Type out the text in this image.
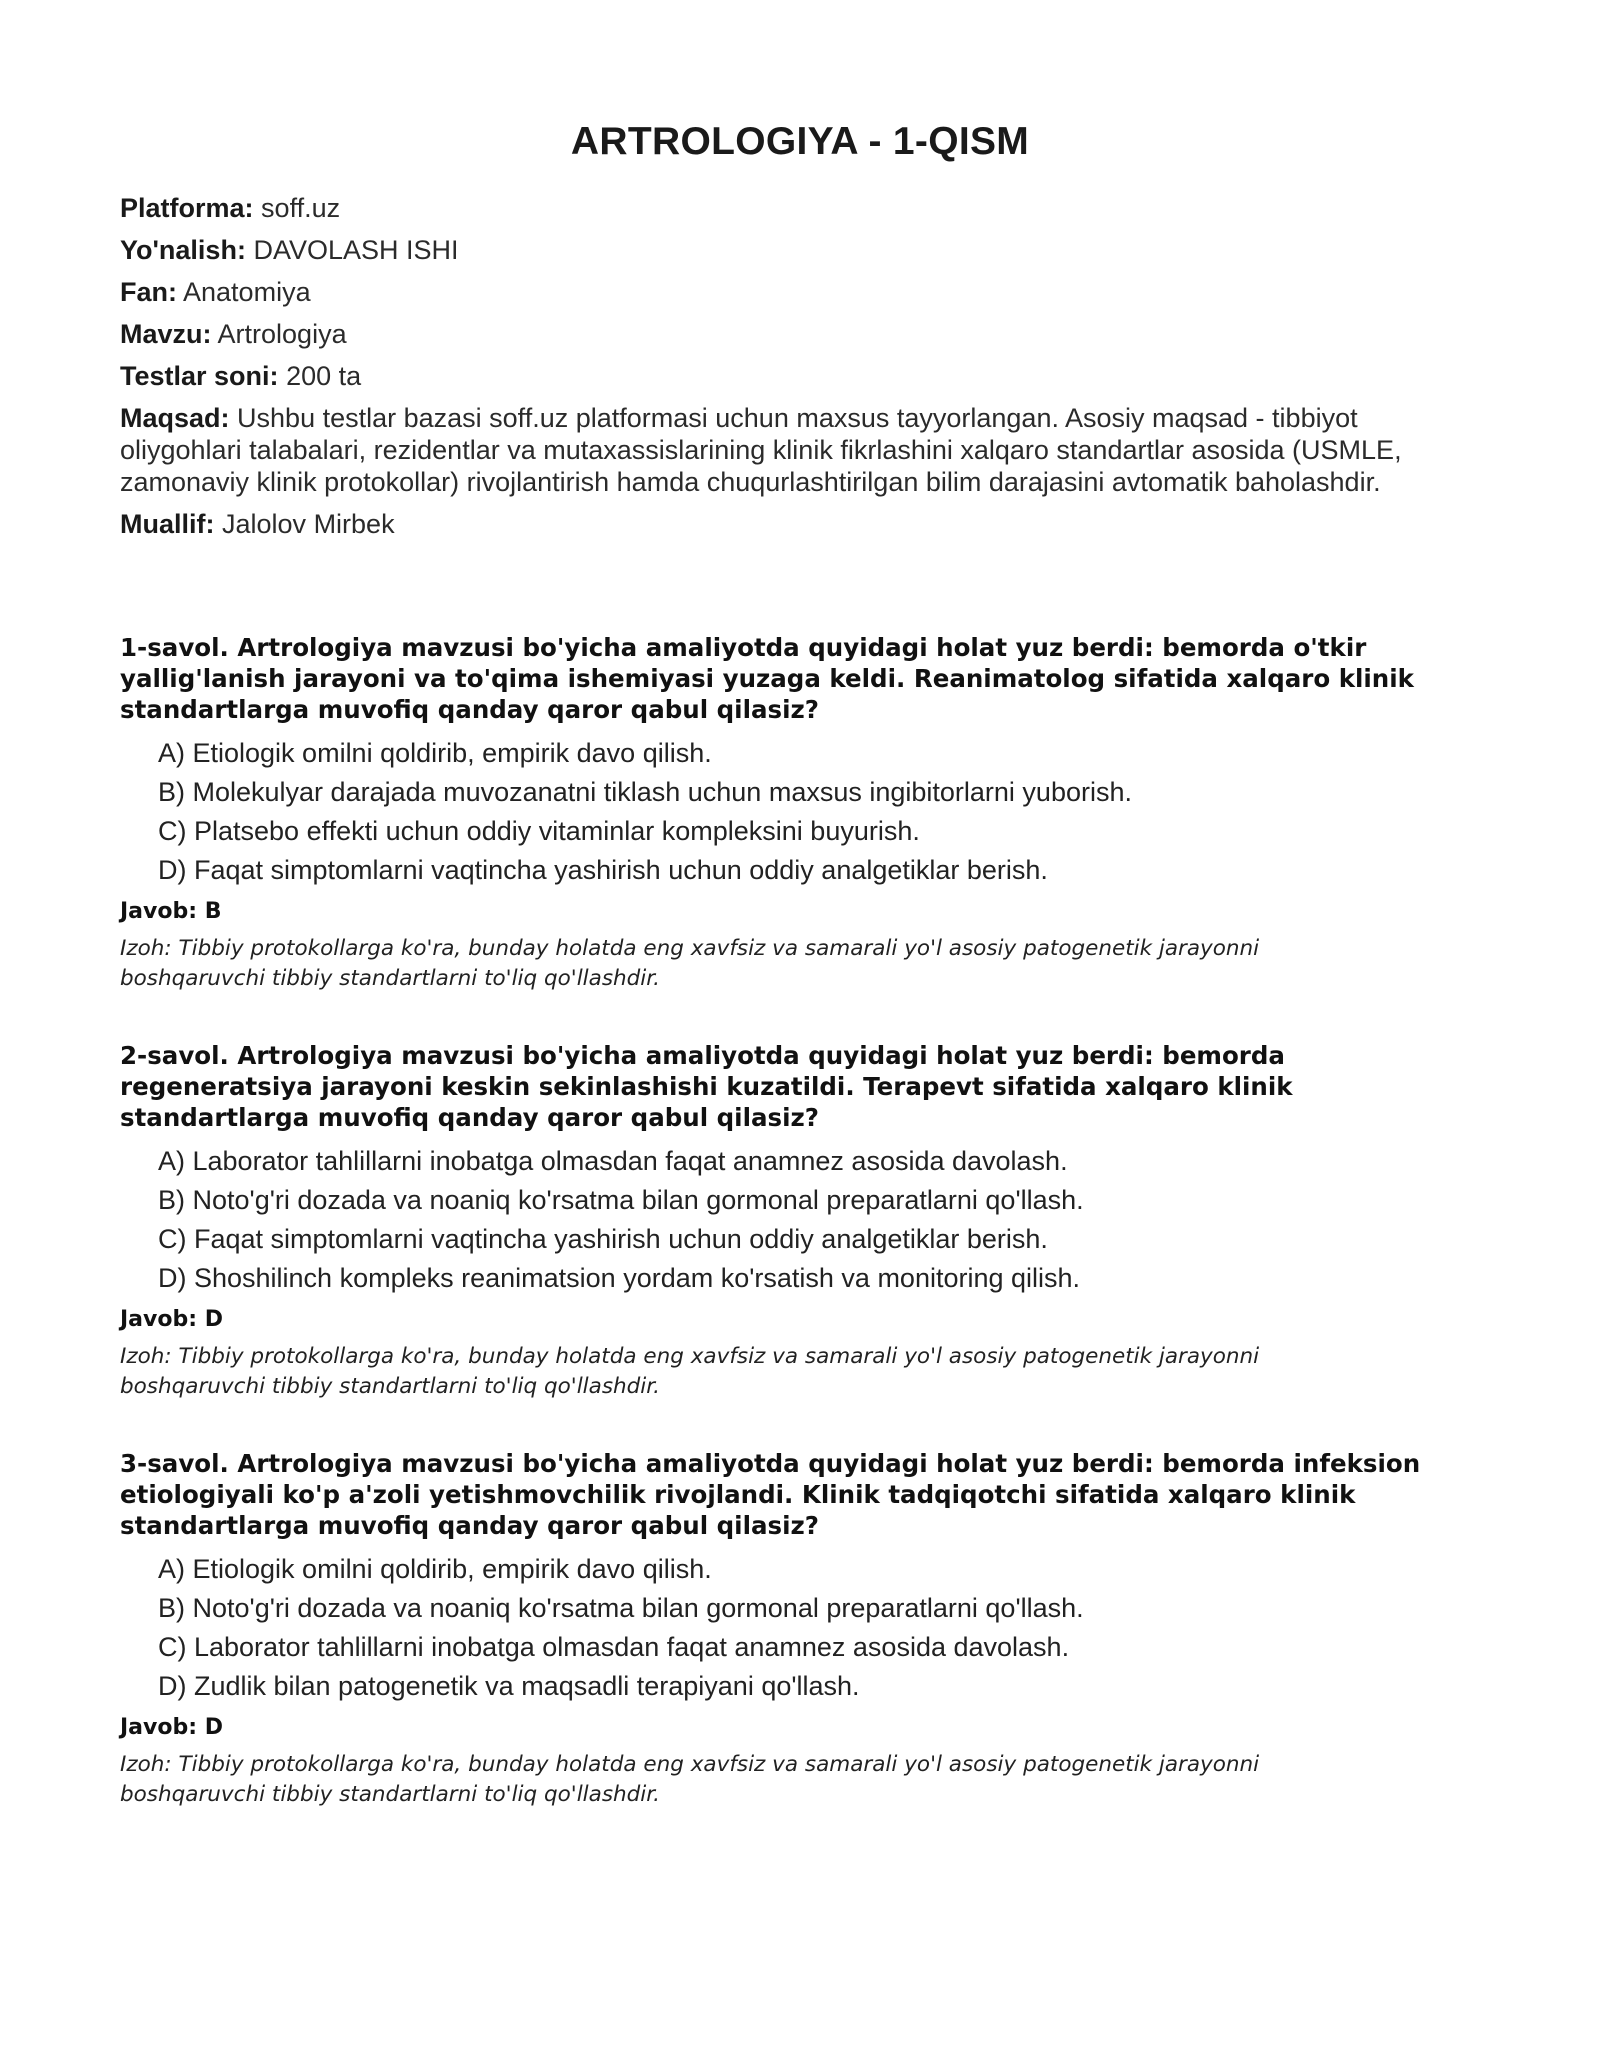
ARTROLOGIYA - 1-QISM
Platforma: soff.uz
Yo'nalish: DAVOLASH ISHI
Fan: Anatomiya
Mavzu: Artrologiya
Testlar soni: 200 ta
Maqsad: Ushbu testlar bazasi soff.uz platformasi uchun maxsus tayyorlangan. Asosiy maqsad - tibbiyot oliygohlari talabalari, rezidentlar va mutaxassislarining klinik fikrlashini xalqaro standartlar asosida (USMLE, zamonaviy klinik protokollar) rivojlantirish hamda chuqurlashtirilgan bilim darajasini avtomatik baholashdir.
Muallif: Jalolov Mirbek

1-savol. Artrologiya mavzusi bo'yicha amaliyotda quyidagi holat yuz berdi: bemorda o'tkir yallig'lanish jarayoni va to'qima ishemiyasi yuzaga keldi. Reanimatolog sifatida xalqaro klinik standartlarga muvofiq qanday qaror qabul qilasiz?

A) Etiologik omilni qoldirib, empirik davo qilish.
B) Molekulyar darajada muvozanatni tiklash uchun maxsus ingibitorlarni yuborish.
C) Platsebo effekti uchun oddiy vitaminlar kompleksini buyurish.
D) Faqat simptomlarni vaqtincha yashirish uchun oddiy analgetiklar berish.
Javob: B
Izoh: Tibbiy protokollarga ko'ra, bunday holatda eng xavfsiz va samarali yo'l asosiy patogenetik jarayonni boshqaruvchi tibbiy standartlarni to'liq qo'llashdir.

2-savol. Artrologiya mavzusi bo'yicha amaliyotda quyidagi holat yuz berdi: bemorda regeneratsiya jarayoni keskin sekinlashishi kuzatildi. Terapevt sifatida xalqaro klinik standartlarga muvofiq qanday qaror qabul qilasiz?

A) Laborator tahlillarni inobatga olmasdan faqat anamnez asosida davolash.
B) Noto'g'ri dozada va noaniq ko'rsatma bilan gormonal preparatlarni qo'llash.
C) Faqat simptomlarni vaqtincha yashirish uchun oddiy analgetiklar berish.
D) Shoshilinch kompleks reanimatsion yordam ko'rsatish va monitoring qilish.
Javob: D
Izoh: Tibbiy protokollarga ko'ra, bunday holatda eng xavfsiz va samarali yo'l asosiy patogenetik jarayonni boshqaruvchi tibbiy standartlarni to'liq qo'llashdir.

3-savol. Artrologiya mavzusi bo'yicha amaliyotda quyidagi holat yuz berdi: bemorda infeksion etiologiyali ko'p a'zoli yetishmovchilik rivojlandi. Klinik tadqiqotchi sifatida xalqaro klinik standartlarga muvofiq qanday qaror qabul qilasiz?

A) Etiologik omilni qoldirib, empirik davo qilish.
B) Noto'g'ri dozada va noaniq ko'rsatma bilan gormonal preparatlarni qo'llash.
C) Laborator tahlillarni inobatga olmasdan faqat anamnez asosida davolash.
D) Zudlik bilan patogenetik va maqsadli terapiyani qo'llash.
Javob: D
Izoh: Tibbiy protokollarga ko'ra, bunday holatda eng xavfsiz va samarali yo'l asosiy patogenetik jarayonni boshqaruvchi tibbiy standartlarni to'liq qo'llashdir.
